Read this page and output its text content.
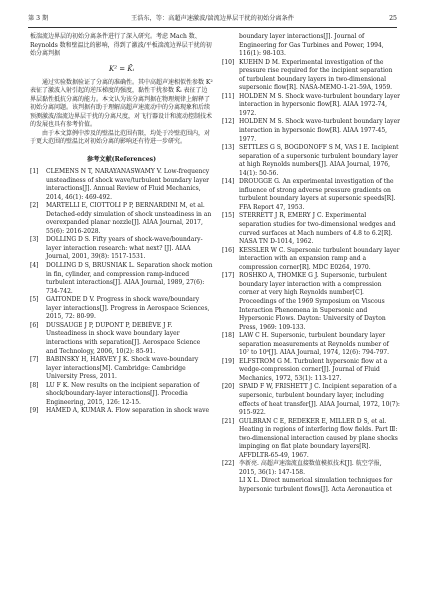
第 3 期	王浩东，等：高超声速激波/湍流边界层干扰的初始分离条件	25

板湍流边界层的初始分离条件进行了深入研究。考虑 Mach 数、Reynolds 数和壁温比的影响，得到了激波/平板湍流边界层干扰的初始分离判据

K² = K̄ᵢ

通过实验数据验证了分离的准确性。其中高超声速相似性参数 K² 表征了激波入射引起的逆压梯度的强度，黏性干扰参数 K̄ᵢ 表征了边界层黏性抵抗分离的能力。本文认为该分离判据在物理规律上解释了初始分离问题。该判据有助于理解高超声速流动中的分离现象和后续预测激波/湍流边界层干扰的分离尺度，对飞行器设计和流动控制技术的发展也具有参考价值。

由于本文算例中涉及的壁温比范围有限，均处于冷壁范围内，对于更大范围的壁温比对初始分离的影响还有待进一步研究。

参考文献(References)

[1] CLEMENS N T, NARAYANASWAMY V. Low-frequency unsteadiness of shock wave/turbulent boundary layer interactions[J]. Annual Review of Fluid Mechanics, 2014, 46(1): 469-492.

[2] MARTELLI E, CIOTTOLI P P, BERNARDINI M, et al. Detached-eddy simulation of shock unsteadiness in an overexpanded planar nozzle[J]. AIAA Journal, 2017, 55(6): 2016-2028.

[3] DOLLING D S. Fifty years of shock-wave/boundary-layer interaction research: what next? [J]. AIAA Journal, 2001, 39(8): 1517-1531.

[4] DOLLING D S, BRUSNIAK L. Separation shock motion in fin, cylinder, and compression ramp-induced turbulent interactions[J]. AIAA Journal, 1989, 27(6): 734-742.

[5] GAITONDE D V. Progress in shock wave/boundary layer interactions[J]. Progress in Aerospace Sciences, 2015, 72: 80-99.

[6] DUSSAUGE J P, DUPONT P, DEBIÈVE J F. Unsteadiness in shock wave boundary layer interactions with separation[J]. Aerospace Science and Technology, 2006, 10(2): 85-91.

[7] BABINSKY H, HARVEY J K. Shock wave-boundary layer interactions[M]. Cambridge: Cambridge University Press, 2011.

[8] LU F K. New results on the incipient separation of shock/boundary-layer interactions[J]. Procedia Engineering, 2015, 126: 12-15.

[9] HAMED A, KUMAR A. Flow separation in shock wave

boundary layer interactions[J]. Journal of Engineering for Gas Turbines and Power, 1994, 116(1): 98-103.

[10] KUEHN D M. Experimental investigation of the pressure rise required for the incipient separation of turbulent boundary layers in two-dimensional supersonic flow[R]. NASA-MEMO-1-21-59A, 1959.

[11] HOLDEN M S. Shock wave-turbulent boundary layer interaction in hypersonic flow[R]. AIAA 1972-74, 1972.

[12] HOLDEN M S. Shock wave-turbulent boundary layer interaction in hypersonic flow[R]. AIAA 1977-45, 1977.

[13] SETTLES G S, BOGDONOFF S M, VAS I E. Incipient separation of a supersonic turbulent boundary layer at high Reynolds numbers[J]. AIAA Journal, 1976, 14(1): 50-56.

[14] DROUGGE G. An experimental investigation of the influence of strong adverse pressure gradients on turbulent boundary layers at supersonic speeds[R]. FFA Report 47, 1953.

[15] STERRETT J R, EMERY J C. Experimental separation studies for two-dimensional wedges and curved surfaces at Mach numbers of 4.8 to 6.2[R]. NASA TN D-1014, 1962.

[16] KESSLER W C. Supersonic turbulent boundary layer interaction with an expansion ramp and a compression corner[R]. MDC E0264, 1970.

[17] ROSHKO A, THOMKE G J. Supersonic, turbulent boundary layer interaction with a compression corner at very high Reynolds number[C]. Proceedings of the 1969 Symposium on Viscous Interaction Phenomena in Supersonic and Hypersonic Flows. Dayton: University of Dayton Press, 1969: 109-133.

[18] LAW C H. Supersonic, turbulent boundary layer separation measurements at Reynolds number of 10⁷ to 10⁸[J]. AIAA Journal, 1974, 12(6): 794-797.

[19] ELFSTROM G M. Turbulent hypersonic flow at a wedge-compression corner[J]. Journal of Fluid Mechanics, 1972, 53(1): 113-127.

[20] SPAID F W, FRISHETT J C. Incipient separation of a supersonic, turbulent boundary layer, including effects of heat transfer[J]. AIAA Journal, 1972, 10(7): 915-922.

[21] GULBRAN C E, REDEKER E, MILLER D S, et al. Heating in regions of interfering flow fields. Part Ⅲ: two-dimensional interaction caused by plane shocks impinging on flat plate boundary layers[R]. AFFDLTR-65-49, 1967.

[22] 李新亮. 高超声速湍流直接数值模拟技术[J]. 航空学报, 2015, 36(1): 147-158.

LI X L. Direct numerical simulation techniques for hypersonic turbulent flows[J]. Acta Aeronautica et
